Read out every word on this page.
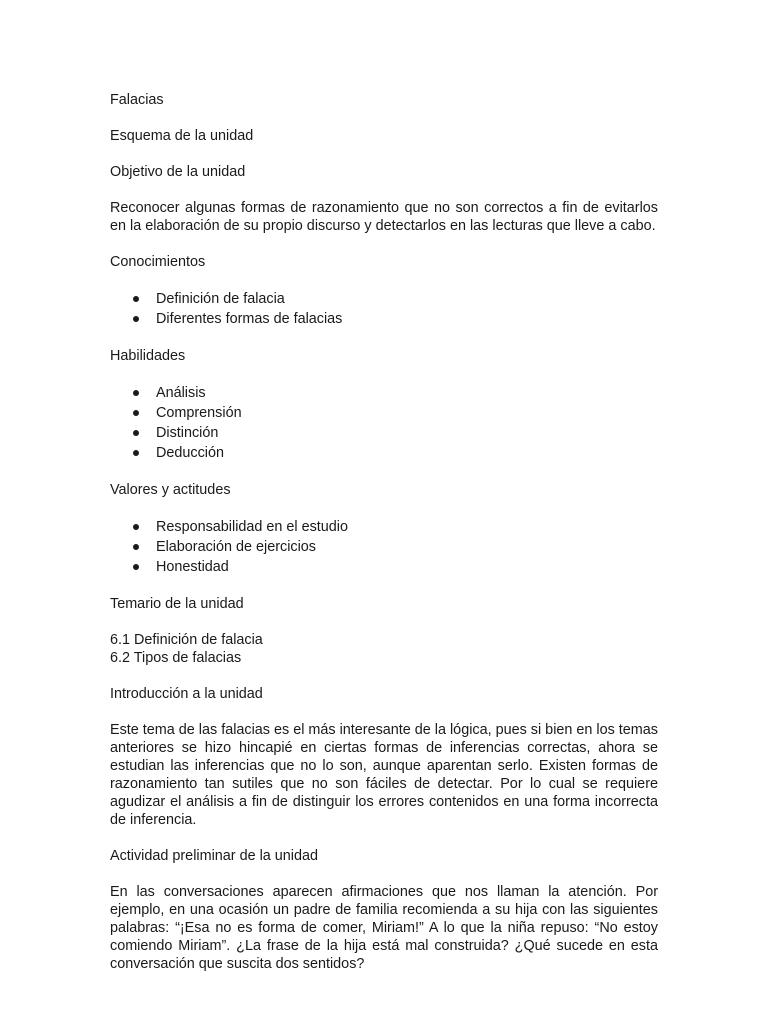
Falacias

Esquema de la unidad

Objetivo de la unidad

Reconocer algunas formas de razonamiento que no son correctos a fin de evitarlos en la elaboración de su propio discurso y detectarlos en las lecturas que lleve a cabo.

Conocimientos

Definición de falacia
Diferentes formas de falacias

Habilidades

Análisis
Comprensión
Distinción
Deducción

Valores y actitudes

Responsabilidad en el estudio
Elaboración de ejercicios
Honestidad

Temario de la unidad

6.1 Definición de falacia

6.2 Tipos de falacias

Introducción a la unidad

Este tema de las falacias es el más interesante de la lógica, pues si bien en los temas anteriores se hizo hincapié en ciertas formas de inferencias correctas, ahora se estudian las inferencias que no lo son, aunque aparentan serlo. Existen formas de razonamiento tan sutiles que no son fáciles de detectar. Por lo cual se requiere agudizar el análisis a fin de distinguir los errores contenidos en una forma incorrecta de inferencia.

Actividad preliminar de la unidad

En las conversaciones aparecen afirmaciones que nos llaman la atención. Por ejemplo, en una ocasión un padre de familia recomienda a su hija con las siguientes palabras: “¡Esa no es forma de comer, Miriam!” A lo que la niña repuso: “No estoy comiendo Miriam”. ¿La frase de la hija está mal construida? ¿Qué sucede en esta conversación que suscita dos sentidos?
